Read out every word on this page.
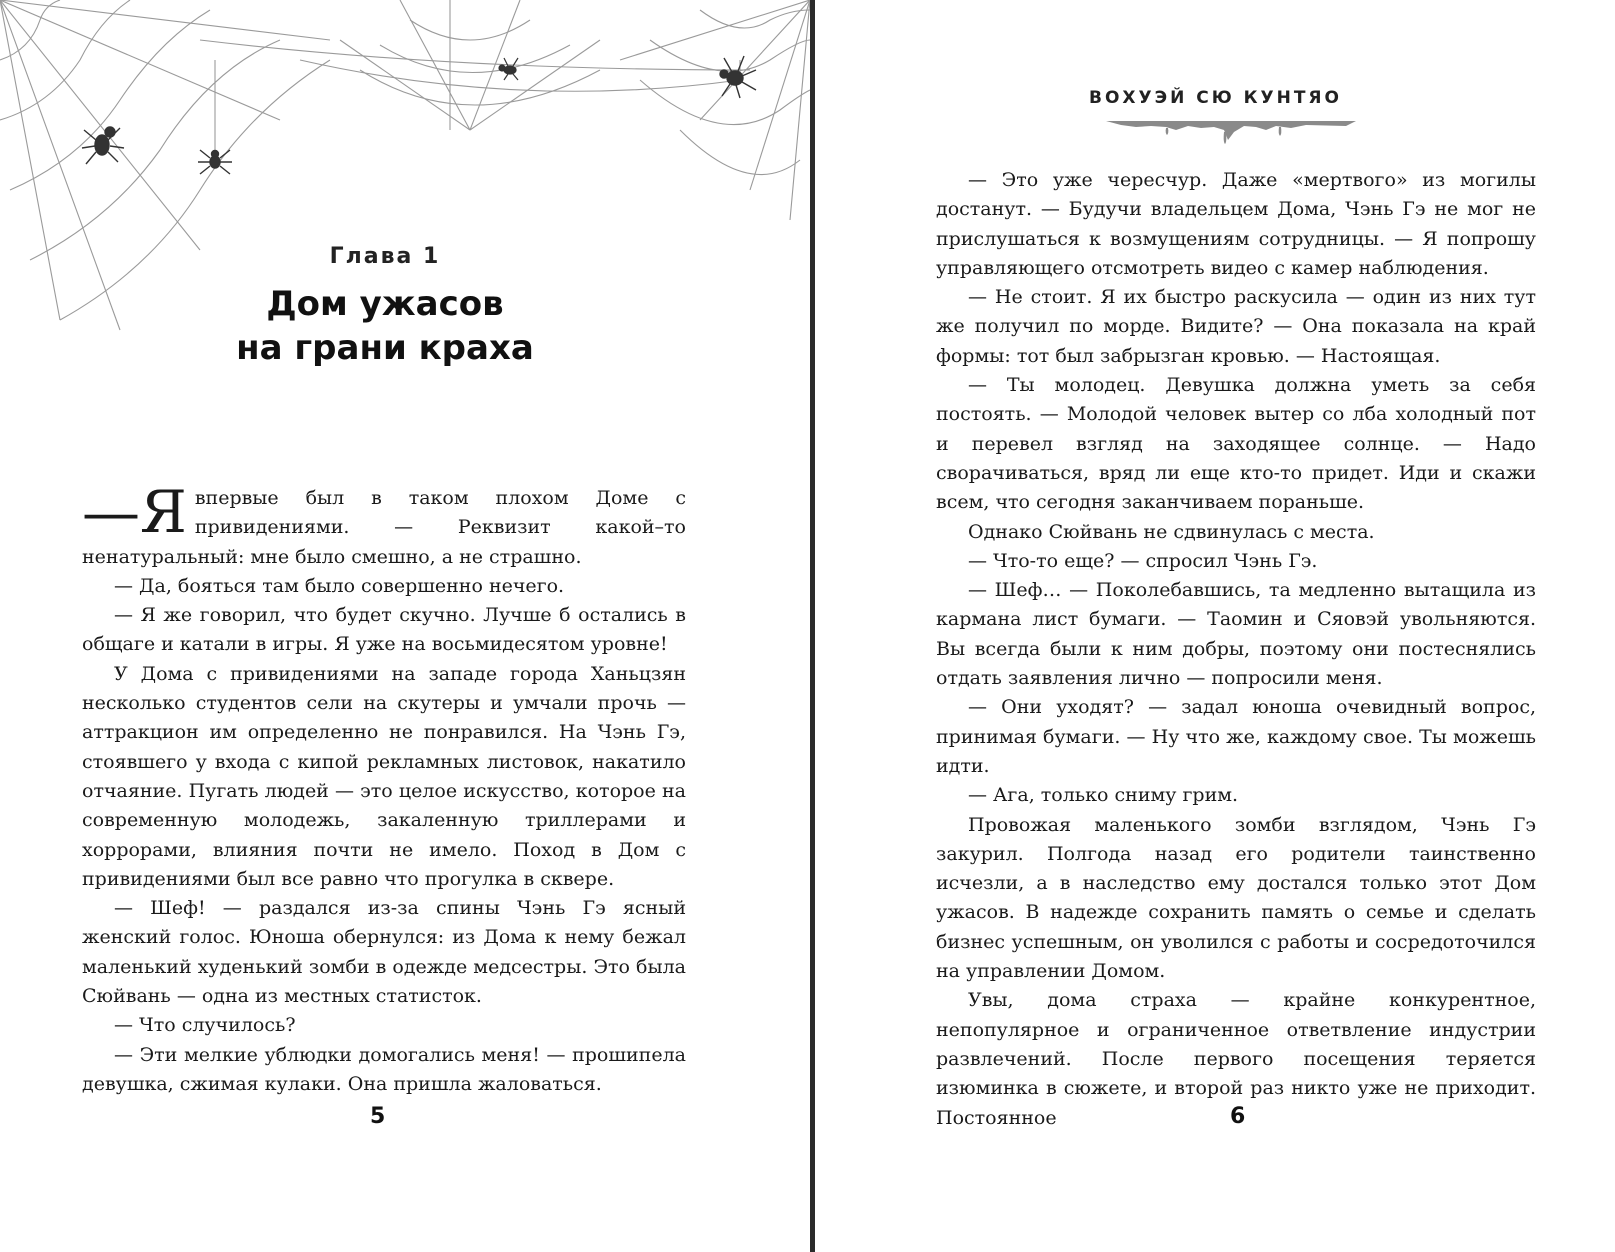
Глава 1
Дом ужасов
на грани краха

—Я впервые был в таком плохом Доме с привидениями. — Реквизит какой–то ненатуральный: мне было смешно, а не страшно.

— Да, бояться там было совершенно нечего.

— Я же говорил, что будет скучно. Лучше б остались в общаге и катали в игры. Я уже на восьмидесятом уровне!

У Дома с привидениями на западе города Ханьцзян несколько студентов сели на скутеры и умчали прочь — аттракцион им определенно не понравился. На Чэнь Гэ, стоявшего у входа с кипой рекламных листовок, накатило отчаяние. Пугать людей — это целое искусство, которое на современную молодежь, закаленную триллерами и хоррорами, влияния почти не имело. Поход в Дом с привидениями был все равно что прогулка в сквере.

— Шеф! — раздался из-за спины Чэнь Гэ ясный женский голос. Юноша обернулся: из Дома к нему бежал маленький худенький зомби в одежде медсестры. Это была Сюйвань — одна из местных статисток.

— Что случилось?

— Эти мелкие ублюдки домогались меня! — прошипела девушка, сжимая кулаки. Она пришла жаловаться.

5
ВОХУЭЙ СЮ КУНТЯО

— Это уже чересчур. Даже «мертвого» из могилы достанут. — Будучи владельцем Дома, Чэнь Гэ не мог не прислушаться к возмущениям сотрудницы. — Я попрошу управляющего отсмотреть видео с камер наблюдения.

— Не стоит. Я их быстро раскусила — один из них тут же получил по морде. Видите? — Она показала на край формы: тот был забрызган кровью. — Настоящая.

— Ты молодец. Девушка должна уметь за себя постоять. — Молодой человек вытер со лба холодный пот и перевел взгляд на заходящее солнце. — Надо сворачиваться, вряд ли еще кто-то придет. Иди и скажи всем, что сегодня заканчиваем пораньше.

Однако Сюйвань не сдвинулась с места.

— Что-то еще? — спросил Чэнь Гэ.

— Шеф… — Поколебавшись, та медленно вытащила из кармана лист бумаги. — Таомин и Сяовэй увольняются. Вы всегда были к ним добры, поэтому они постеснялись отдать заявления лично — попросили меня.

— Они уходят? — задал юноша очевидный вопрос, принимая бумаги. — Ну что же, каждому свое. Ты можешь идти.

— Ага, только сниму грим.

Провожая маленького зомби взглядом, Чэнь Гэ закурил. Полгода назад его родители таинственно исчезли, а в наследство ему достался только этот Дом ужасов. В надежде сохранить память о семье и сделать бизнес успешным, он уволился с работы и сосредоточился на управлении Домом.

Увы, дома страха — крайне конкурентное, непопулярное и ограниченное ответвление индустрии развлечений. После первого посещения теряется изюминка в сюжете, и второй раз никто уже не приходит. Постоянное	6
